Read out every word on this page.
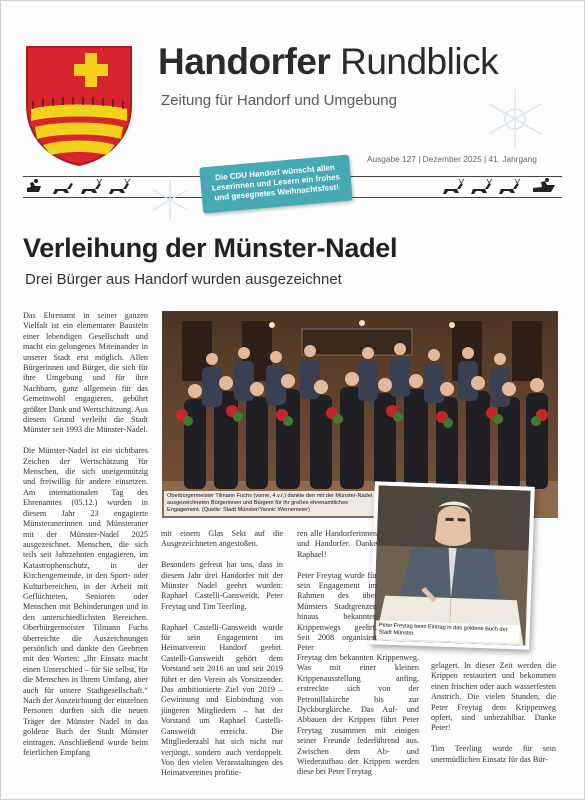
Handorfer Rundblick
Zeitung für Handorf und Umgebung
Ausgabe 127 | Dezember 2025 | 41. Jahrgang
Die CDU Handorf wünscht allen Leserinnen und Lesern ein frohes und gesegnetes Weihnachtsfest!
Verleihung der Münster-Nadel
Drei Bürger aus Handorf wurden ausgezeichnet

Das Ehrenamt in seiner ganzen Vielfalt ist ein elementarer Baustein einer lebendigen Gesellschaft und macht ein gelungenes Miteinander in unserer Stadt erst möglich. Allen Bürgerinnen und Bürger, die sich für ihre Umgebung und für ihre Nachbarn, ganz allgemein für das Gemeinwohl engagieren, gebührt größter Dank und Wertschätzung. Aus diesem Grund verleiht die Stadt Münster seit 1993 die Münster-Nadel.

Die Münster-Nadel ist ein sichtbares Zeichen der Wertschätzung für Menschen, die sich uneigennützig und freiwillig für andere einsetzen. Am internationalen Tag des Ehrenamtes (05.12.) wurden in diesem Jahr 23 engagierte Münsteranerinnen und Münsteraner mit der Münster-Nadel 2025 ausgezeichnet. Menschen, die sich teils seit Jahrzehnten engagieren, im Katastrophenschutz, in der Kirchengemeinde, in den Sport- oder Kulturbereichen, in der Arbeit mit Geflüchteten, Senioren oder Menschen mit Behinderungen und in den unterschiedlichsten Bereichen. Oberbürgermeister Tilmann Fuchs überreichte die Auszeichnungen persönlich und dankte den Geehrten mit den Worten: „Ihr Einsatz macht einen Unterschied – für Sie selbst, für die Menschen in Ihrem Umfang, aber auch für unsere Stadtgesellschaft.“ Nach der Auszeichnung der einzelnen Personen durften sich die neuen Träger der Münster Nadel in das goldene Buch der Stadt Münster eintragen. Anschließend wurde beim feierlichen Empfang

Oberbürgermeister Tilmann Fuchs (vorne, 4.v.r.) dankte den mit der Münster-Nadel ausgezeichneten Bürgerinnen und Bürgern für ihr großes ehrenamtliches Engagement. (Quelle: Stadt Münster/Yannic Wernemeier)
Peter Freytag beim Eintrag in das goldene Buch der Stadt Münster.

mit einem Glas Sekt auf die Ausgezeichneten angestoßen.

Besonders gefreut hat uns, dass in diesem Jahr drei Handorfer mit der Münster Nadel geehrt wurden: Raphael Castelli-Gansweidt, Peter Freytag und Tim Teerling.

Raphael Castelli-Gansweidt wurde für sein Engagement im Heimatverein Handorf geehrt. Castelli-Gansweidt gehört dem Vorstand seit 2016 an und seit 2019 führt er den Verein als Vorsitzender. Das ambitionierte Ziel von 2019 – Gewinnung und Einbindung von jüngeren Mitgliedern – hat der Vorstand um Raphael Castelli-Gansweidt erreicht. Die Mitgliederzahl hat sich nicht nur verjüngt, sondern auch verdoppelt. Von den vielen Veranstaltungen des Heimatvereines profitie-

ren alle Handorferinnen und Handorfer. Danke Raphael!

Peter Freytag wurde für sein Engagement im Rahmen des über Münsters Stadtgrenzen hinaus bekannten Krippenwegs geehrt. Seit 2008 organisiert Peter

Freytag den bekannten Krippenweg. Was mit einer kleinen Krippenausstellung anfing, erstreckte sich von der Petronillakirche bis zur Dyckburgkirche. Das Auf- und Abbauen der Krippen führt Peter Freytag zusammen mit einigen seiner Freunde federführend aus. Zwischen dem Ab- und Wiederaufbau der Krippen werden diese bei Peter Freytag

gelagert. In dieser Zeit werden die Krippen restauriert und bekommen einen frischen oder auch wasserfesten Anstrich. Die vielen Stunden, die Peter Freytag dem Krippenweg opfert, sind unbezahlbar. Danke Peter!

Tim Teerling wurde für sein unermüdlichen Einsatz für das Bür-
